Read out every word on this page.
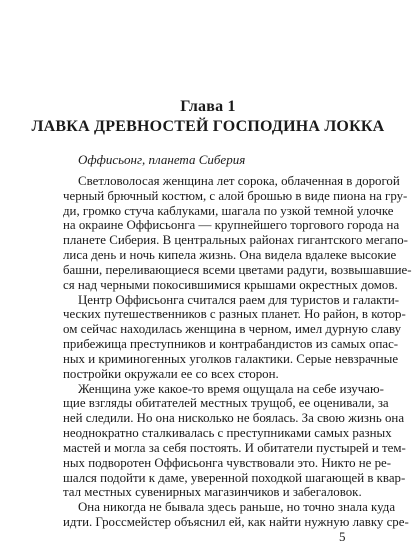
Глава 1
ЛАВКА ДРЕВНОСТЕЙ ГОСПОДИНА ЛОККА
Оффисьонг, планета Сиберия
Светловолосая женщина лет сорока, облаченная в дорогой
черный брючный костюм, с алой брошью в виде пиона на гру-
ди, громко стуча каблуками, шагала по узкой темной улочке
на окраине Оффисьонга — крупнейшего торгового города на
планете Сиберия. В центральных районах гигантского мегапо-
лиса день и ночь кипела жизнь. Она видела вдалеке высокие
башни, переливающиеся всеми цветами радуги, возвышавшие-
ся над черными покосившимися крышами окрестных домов.
Центр Оффисьонга считался раем для туристов и галакти-
ческих путешественников с разных планет. Но район, в котор-
ом сейчас находилась женщина в черном, имел дурную славу
прибежища преступников и контрабандистов из самых опас-
ных и криминогенных уголков галактики. Серые невзрачные
постройки окружали ее со всех сторон.
Женщина уже какое-то время ощущала на себе изучаю-
щие взгляды обитателей местных трущоб, ее оценивали, за
ней следили. Но она нисколько не боялась. За свою жизнь она
неоднократно сталкивалась с преступниками самых разных
мастей и могла за себя постоять. И обитатели пустырей и тем-
ных подворотен Оффисьонга чувствовали это. Никто не ре-
шался подойти к даме, уверенной походкой шагающей в квар-
тал местных сувенирных магазинчиков и забегаловок.
Она никогда не бывала здесь раньше, но точно знала куда
идти. Гроссмейстер объяснил ей, как найти нужную лавку сре-
5
